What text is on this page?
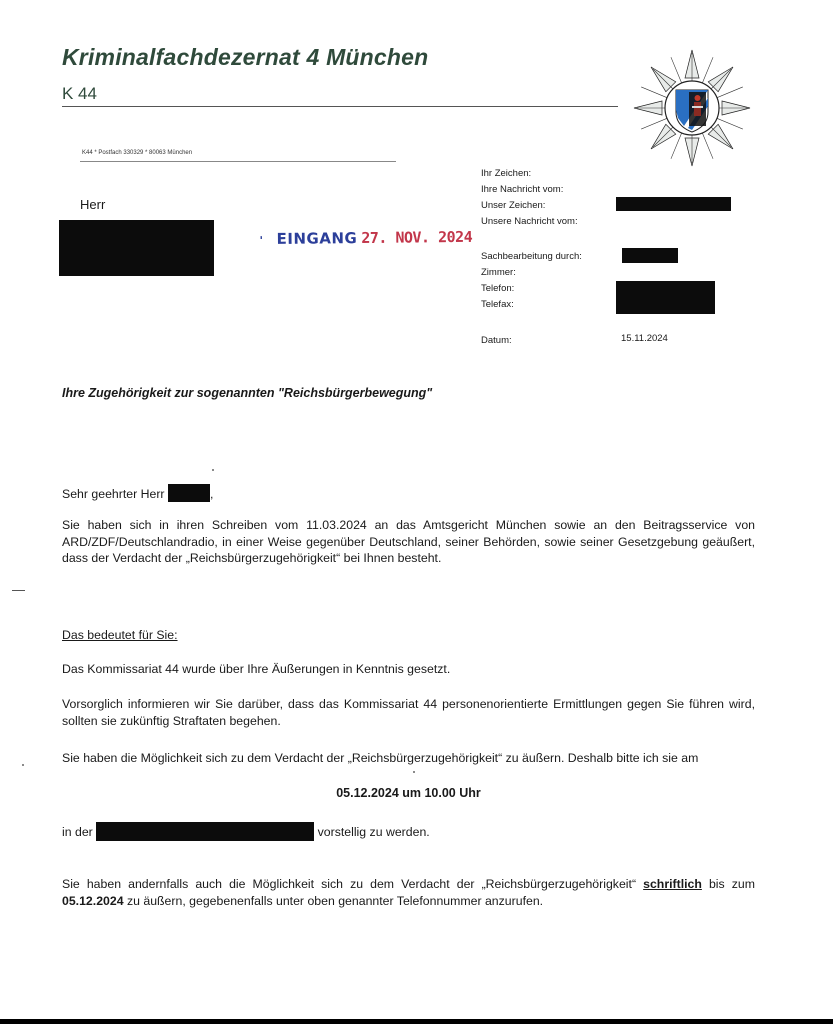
Kriminalfachdezernat 4 München
K 44
K44 * Postfach 330329 * 80063 München
Herr
' EINGANG 27. NOV. 2024
Ihr Zeichen:
Ihre Nachricht vom:
Unser Zeichen:
Unsere Nachricht vom:
Sachbearbeitung durch:
Zimmer:
Telefon:
Telefax:
Datum:	15.11.2024
Ihre Zugehörigkeit zur sogenannten "Reichsbürgerbewegung"
Sehr geehrter Herr	,
Sie haben sich in ihren Schreiben vom 11.03.2024 an das Amtsgericht München sowie an den Beitragsservice von ARD/ZDF/Deutschlandradio, in einer Weise gegenüber Deutschland, seiner Behörden, sowie seiner Gesetzgebung geäußert, dass der Verdacht der „Reichsbürgerzugehörigkeit“ bei Ihnen besteht.
Das bedeutet für Sie:
Das Kommissariat 44 wurde über Ihre Äußerungen in Kenntnis gesetzt.
Vorsorglich informieren wir Sie darüber, dass das Kommissariat 44 personenorientierte Ermittlungen gegen Sie führen wird, sollten sie zukünftig Straftaten begehen.
Sie haben die Möglichkeit sich zu dem Verdacht der „Reichsbürgerzugehörigkeit“ zu äußern. Deshalb bitte ich sie am
05.12.2024 um 10.00 Uhr
in der	vorstellig zu werden.
Sie haben andernfalls auch die Möglichkeit sich zu dem Verdacht der „Reichsbürgerzugehörigkeit“ schriftlich bis zum 05.12.2024 zu äußern, gegebenenfalls unter oben genannter Telefonnummer anzurufen.
